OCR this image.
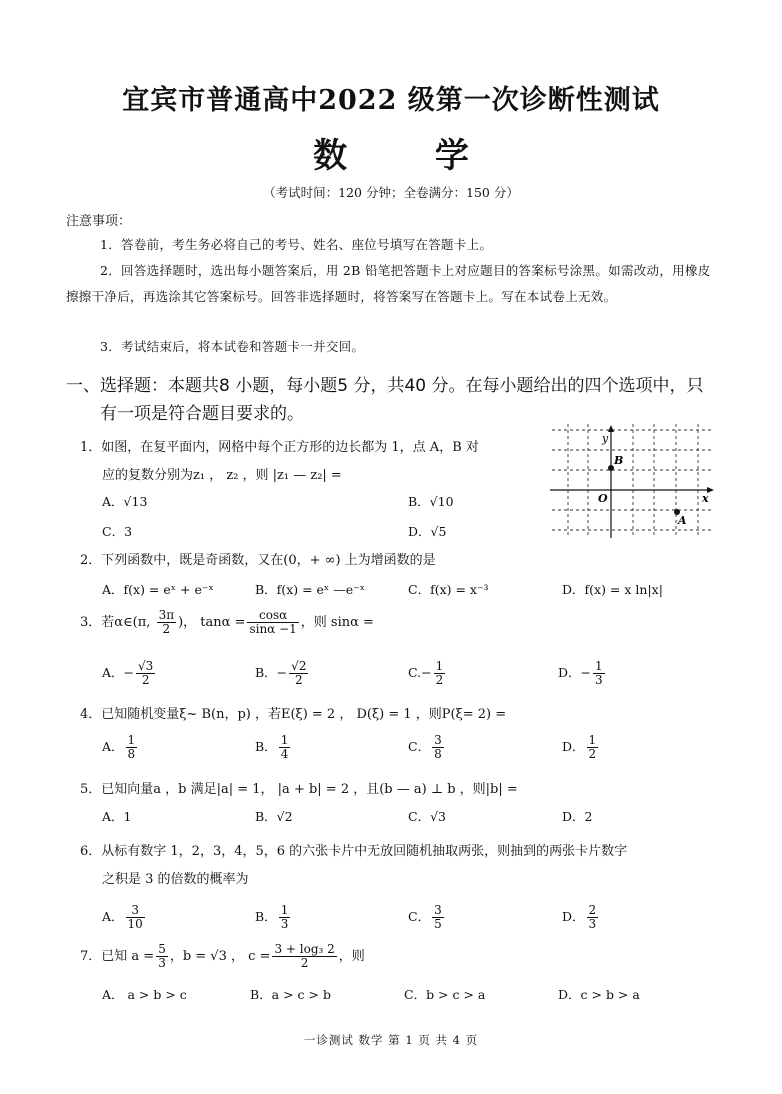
宜宾市普通高中2022 级第一次诊断性测试
数 学
（考试时间：120 分钟；全卷满分：150 分）
注意事项：
1．答卷前，考生务必将自己的考号、姓名、座位号填写在答题卡上。
2．回答选择题时，选出每小题答案后，用 2B 铅笔把答题卡上对应题目的答案标号涂黑。如需改动，用橡皮擦擦干净后，再选涂其它答案标号。回答非选择题时，将答案写在答题卡上。写在本试卷上无效。
3．考试结束后，将本试卷和答题卡一并交回。
一、选择题：本题共8 小题，每小题5 分，共40 分。在每小题给出的四个选项中，只
有一项是符合题目要求的。
1．如图，在复平面内，网格中每个正方形的边长都为 1，点 A，B 对
应的复数分别为z₁ ， z₂ ，则 |z₁ — z₂| =
A．√13	B．√10
C．3	D．√5
y
x
O
B
A
2．下列函数中，既是奇函数，又在(0，+ ∞) 上为增函数的是
A．f(x) = eˣ + e⁻ˣ	B．f(x) = eˣ —e⁻ˣ	C．f(x) = x⁻³	D．f(x) = x ln|x|
3．若α∈(π, $\frac{3\pi}{2}$ )， $\tan\alpha = \frac{\cos\alpha}{\sin\alpha -1}$ ，则 sinα =
A．− $\frac{√3}{2}$	B．− $\frac{√2}{2}$	$C.- \frac{1}{2}$	D．− $\frac{1}{3}$
4．已知随机变量ξ~ B(n，p) ，若E(ξ) = 2 ， D(ξ) = 1 ，则P(ξ= 2) =
A． $\frac{1}{8}$	B． $\frac{1}{4}$	C． $\frac{3}{8}$	D． $\frac{1}{2}$
5．已知向量a ，b 满足|a| = 1， |a + b| = 2 ，且(b — a) ⊥ b ，则|b| =
A．1	B．√2	C．√3	D．2
6．从标有数字 1，2，3，4，5，6 的六张卡片中无放回随机抽取两张，则抽到的两张卡片数字
之积是 3 的倍数的概率为
A． $\frac{3}{10}$	B． $\frac{1}{3}$	C． $\frac{3}{5}$	D． $\frac{2}{3}$
7．已知 $a = \frac{5}{3}$ ，b = √3 ， $c = \frac{\text{3 + log₃ 2}}{2}$ ，则
A． a > b > c	B．a > c > b	C．b > c > a	D．c > b > a
一诊测试 数学 第 1 页 共 4 页
